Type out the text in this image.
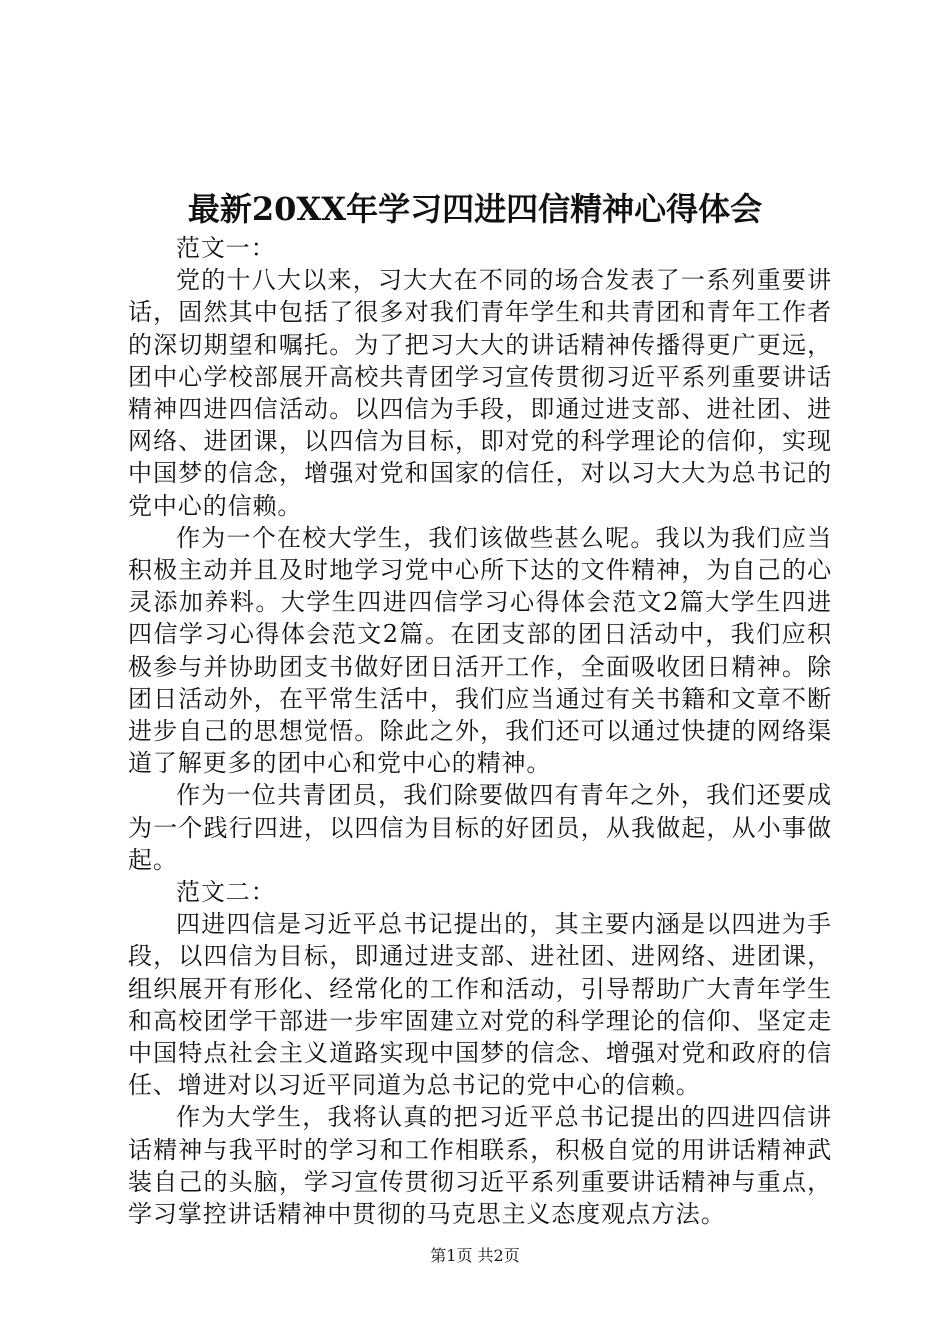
最新20XX年学习四进四信精神心得体会

范文一：

党的十八大以来，习大大在不同的场合发表了一系列重要讲话，固然其中包括了很多对我们青年学生和共青团和青年工作者的深切期望和嘱托。为了把习大大的讲话精神传播得更广更远，团中心学校部展开高校共青团学习宣传贯彻习近平系列重要讲话精神四进四信活动。以四信为手段，即通过进支部、进社团、进网络、进团课，以四信为目标，即对党的科学理论的信仰，实现中国梦的信念，增强对党和国家的信任，对以习大大为总书记的党中心的信赖。

作为一个在校大学生，我们该做些甚么呢。我以为我们应当积极主动并且及时地学习党中心所下达的文件精神，为自己的心灵添加养料。大学生四进四信学习心得体会范文2篇大学生四进四信学习心得体会范文2篇。在团支部的团日活动中，我们应积极参与并协助团支书做好团日活开工作，全面吸收团日精神。除团日活动外，在平常生活中，我们应当通过有关书籍和文章不断进步自己的思想觉悟。除此之外，我们还可以通过快捷的网络渠道了解更多的团中心和党中心的精神。

作为一位共青团员，我们除要做四有青年之外，我们还要成为一个践行四进，以四信为目标的好团员，从我做起，从小事做起。

范文二：

四进四信是习近平总书记提出的，其主要内涵是以四进为手段，以四信为目标，即通过进支部、进社团、进网络、进团课，组织展开有形化、经常化的工作和活动，引导帮助广大青年学生和高校团学干部进一步牢固建立对党的科学理论的信仰、坚定走中国特点社会主义道路实现中国梦的信念、增强对党和政府的信任、增进对以习近平同道为总书记的党中心的信赖。

作为大学生，我将认真的把习近平总书记提出的四进四信讲话精神与我平时的学习和工作相联系，积极自觉的用讲话精神武装自己的头脑，学习宣传贯彻习近平系列重要讲话精神与重点，学习掌控讲话精神中贯彻的马克思主义态度观点方法。

第1页 共2页
